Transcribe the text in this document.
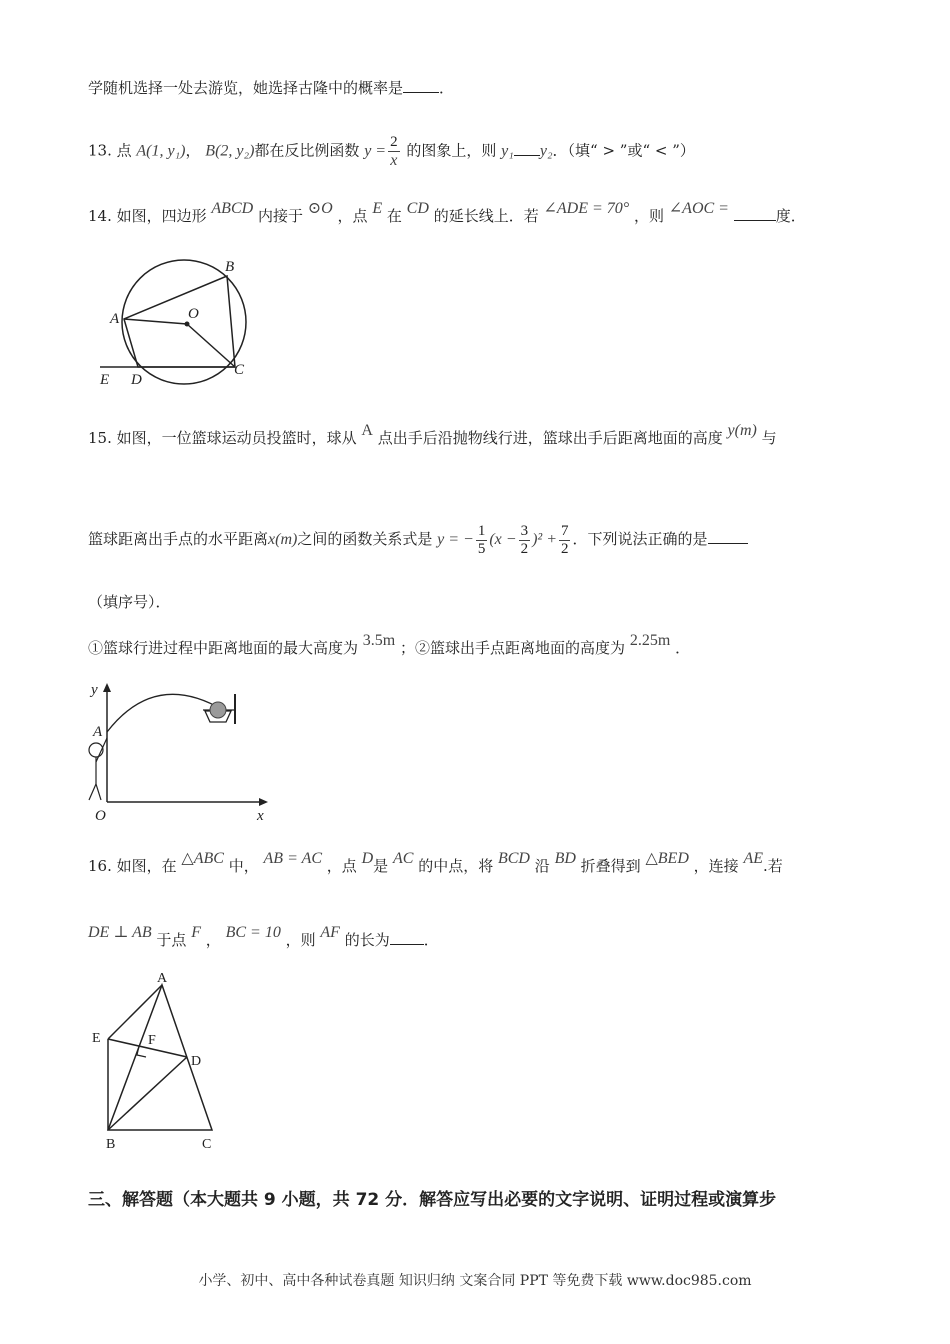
学随机选择一处去游览，她选择古隆中的概率是 ．
13. 点 A(1, y₁)， B(2, y₂)都在反比例函数 $y = \frac{2}{x}$ 的图象上，则 y₁ y₂．（填“ > ”或“ < ”）
14. 如图，四边形 ABCD 内接于 ⊙O ，点 E 在 CD 的延长线上．若 ∠ADE = 70° ，则 ∠AOC =	度．
A
B
O
E D
C
15. 如图，一位篮球运动员投篮时，球从 A 点出手后沿抛物线行进，篮球出手后距离地面的高度 y(m) 与
篮球距离出手点的水平距离x(m)之间的函数关系式是 y = − $\frac{1}{5} (x - \frac{3}{2} )^2 + \frac{7}{2}$ ．下列说法正确的是
（填序号）．
①篮球行进过程中距离地面的最大高度为 3.5m ；②篮球出手点距离地面的高度为 2.25m ．
y
A
O	x
16. 如图，在 △ABC 中， AB = AC ，点 D是 AC 的中点，将 BCD 沿 BD 折叠得到 △BED ，连接 AE.若
DE ⊥ AB 于点 F ， BC = 10 ，则 AF 的长为 ．
A
E	F
D
B	C
三、解答题（本大题共 9 小题，共 72 分．解答应写出必要的文字说明、证明过程或演算步
小学、初中、高中各种试卷真题 知识归纳 文案合同 PPT 等免费下载 www.doc985.com
